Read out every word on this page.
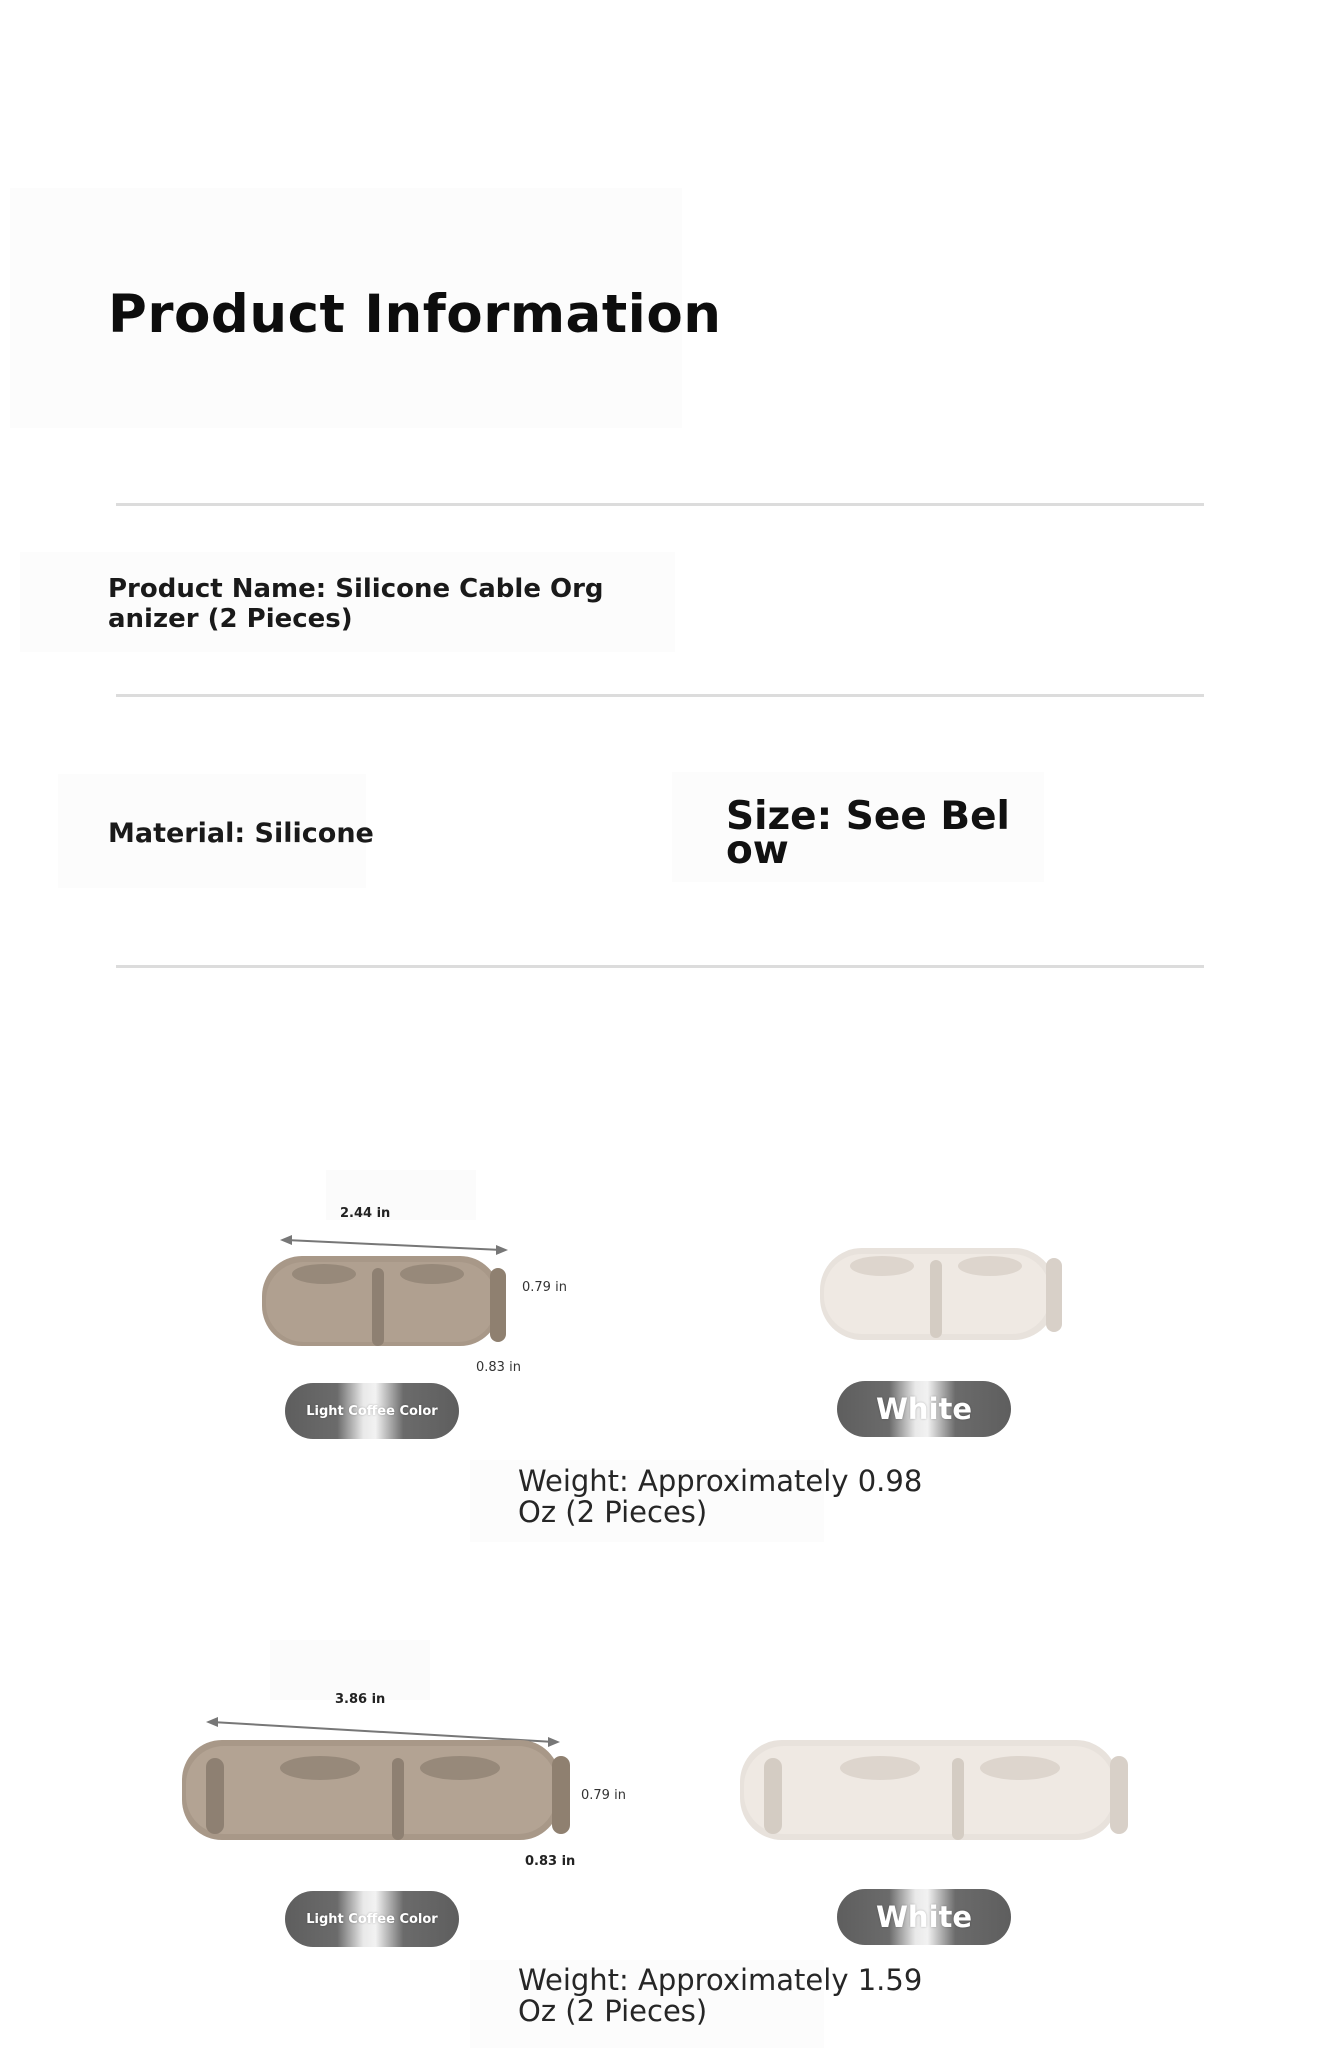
Product Information
Product Name: Silicone Cable Organizer (2 Pieces)
Material: Silicone	Size: See Below
2.44 in
0.79 in
0.83 in
Light Coffee Color	White
Weight: Approximately 0.98 Oz (2 Pieces)
3.86 in
0.79 in
0.83 in
Light Coffee Color	White
Weight: Approximately 1.59 Oz (2 Pieces)
